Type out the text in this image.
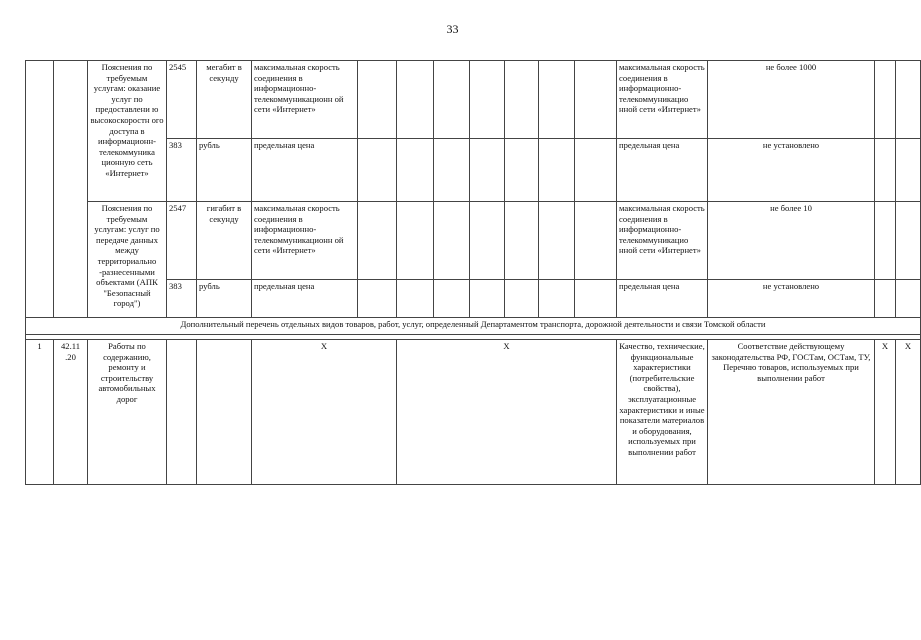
33
		Пояснения по требуемым услугам: оказание услуг по предоставлени ю высокоскоростн ого доступа в информационн- телекоммуника ционную сеть «Интернет»	2545	мегабит в секунду	максимальная скорость соединения в информационно- телекоммуникационн ой сети «Интернет»								максимальная скорость соединения в информационно- телекоммуникацио нной сети «Интернет»	не более 1000		
			383	рубль	предельная цена								предельная цена	не установлено		
		Пояснения по требуемым услугам: услуг по передаче данных между территориально -разнесенными объектами (АПК "Безопасный город")	2547	гигабит в секунду	максимальная скорость соединения в информационно- телекоммуникационн ой сети «Интернет»								максимальная скорость соединения в информационно- телекоммуникацио нной сети «Интернет»	не более 10		
			383	рубль	предельная цена								предельная цена	не установлено		
Дополнительный перечень отдельных видов товаров, работ, услуг, определенный Департаментом транспорта, дорожной деятельности и связи Томской области																

1	42.11 .20	Работы по содержанию, ремонту и строительству автомобильных дорог			X		X						Качество, технические, функциональные характеристики (потребительские свойства), эксплуатационные характеристики и иные показатели материалов и оборудования, используемых при выполнении работ	Соответствие действующему законодательства РФ, ГОСТам, ОСТам, ТУ, Перечню товаров, используемых при выполнении работ	X	X
